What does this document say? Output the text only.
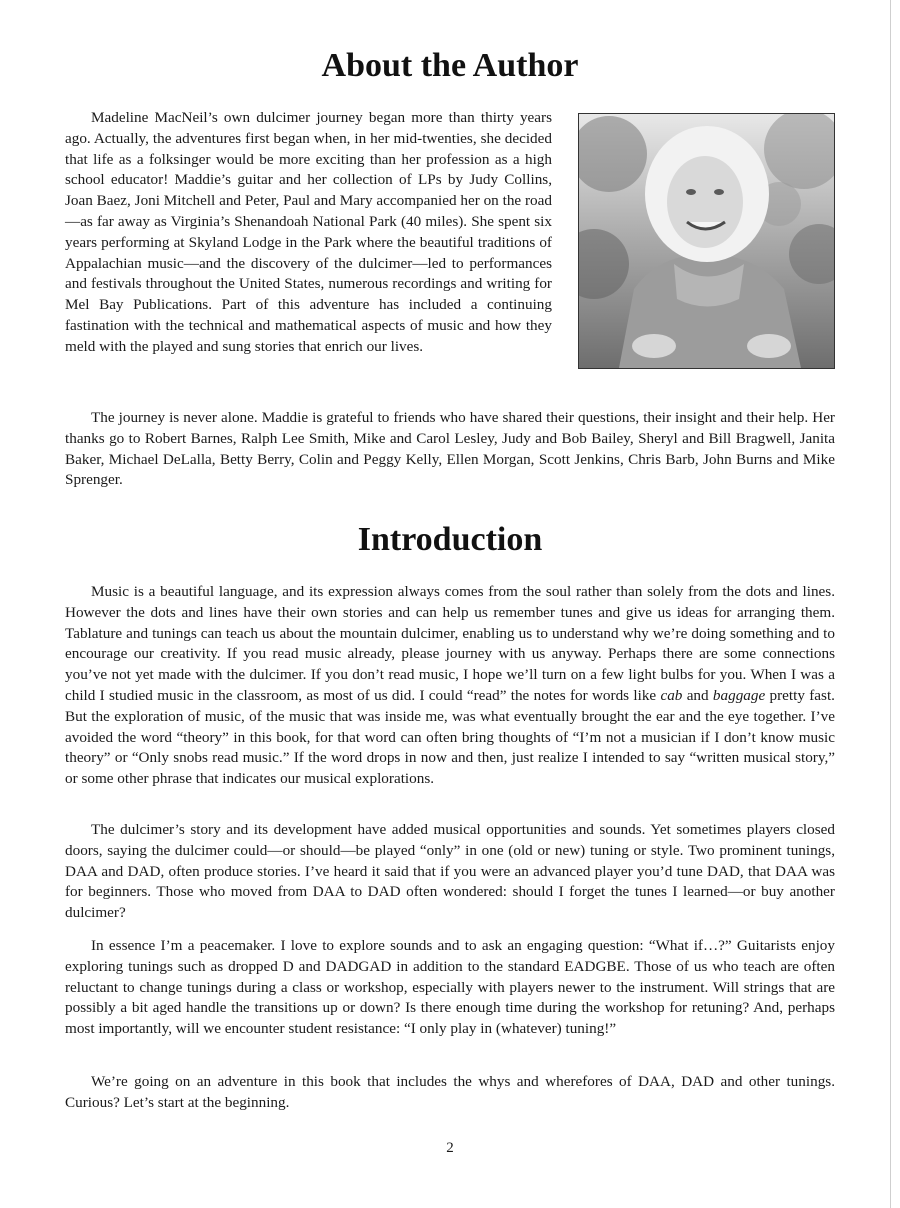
About the Author

Madeline MacNeil’s own dulcimer journey began more than thirty years ago. Actually, the adventures first began when, in her mid-twenties, she decided that life as a folksinger would be more exciting than her profession as a high school educator! Maddie’s guitar and her collection of LPs by Judy Collins, Joan Baez, Joni Mitchell and Peter, Paul and Mary accompanied her on the road—as far away as Virginia’s Shenandoah National Park (40 miles). She spent six years performing at Skyland Lodge in the Park where the beautiful traditions of Appalachian music—and the discovery of the dulcimer—led to performances and festivals throughout the United States, numerous recordings and writing for Mel Bay Publications. Part of this adventure has included a continuing fastination with the technical and mathematical aspects of music and how they meld with the played and sung stories that enrich our lives.

The journey is never alone. Maddie is grateful to friends who have shared their questions, their insight and their help. Her thanks go to Robert Barnes, Ralph Lee Smith, Mike and Carol Lesley, Judy and Bob Bailey, Sheryl and Bill Bragwell, Janita Baker, Michael DeLalla, Betty Berry, Colin and Peggy Kelly, Ellen Morgan, Scott Jenkins, Chris Barb, John Burns and Mike Sprenger.

Introduction

Music is a beautiful language, and its expression always comes from the soul rather than solely from the dots and lines. However the dots and lines have their own stories and can help us remember tunes and give us ideas for arranging them. Tablature and tunings can teach us about the mountain dulcimer, enabling us to understand why we’re doing something and to encourage our creativity. If you read music already, please journey with us anyway. Perhaps there are some connections you’ve not yet made with the dulcimer. If you don’t read music, I hope we’ll turn on a few light bulbs for you. When I was a child I studied music in the classroom, as most of us did. I could “read” the notes for words like cab and baggage pretty fast. But the exploration of music, of the music that was inside me, was what eventually brought the ear and the eye together. I’ve avoided the word “theory” in this book, for that word can often bring thoughts of “I’m not a musician if I don’t know music theory” or “Only snobs read music.” If the word drops in now and then, just realize I intended to say “written musical story,” or some other phrase that indicates our musical explorations.

The dulcimer’s story and its development have added musical opportunities and sounds. Yet sometimes players closed doors, saying the dulcimer could—or should—be played “only” in one (old or new) tuning or style. Two prominent tunings, DAA and DAD, often produce stories. I’ve heard it said that if you were an advanced player you’d tune DAD, that DAA was for beginners. Those who moved from DAA to DAD often wondered: should I forget the tunes I learned—or buy another dulcimer?

In essence I’m a peacemaker. I love to explore sounds and to ask an engaging question: “What if…?” Guitarists enjoy exploring tunings such as dropped D and DADGAD in addition to the standard EADGBE. Those of us who teach are often reluctant to change tunings during a class or workshop, especially with players newer to the instrument. Will strings that are possibly a bit aged handle the transitions up or down? Is there enough time during the workshop for retuning? And, perhaps most importantly, will we encounter student resistance: “I only play in (whatever) tuning!”

We’re going on an adventure in this book that includes the whys and wherefores of DAA, DAD and other tunings. Curious? Let’s start at the beginning.

2
